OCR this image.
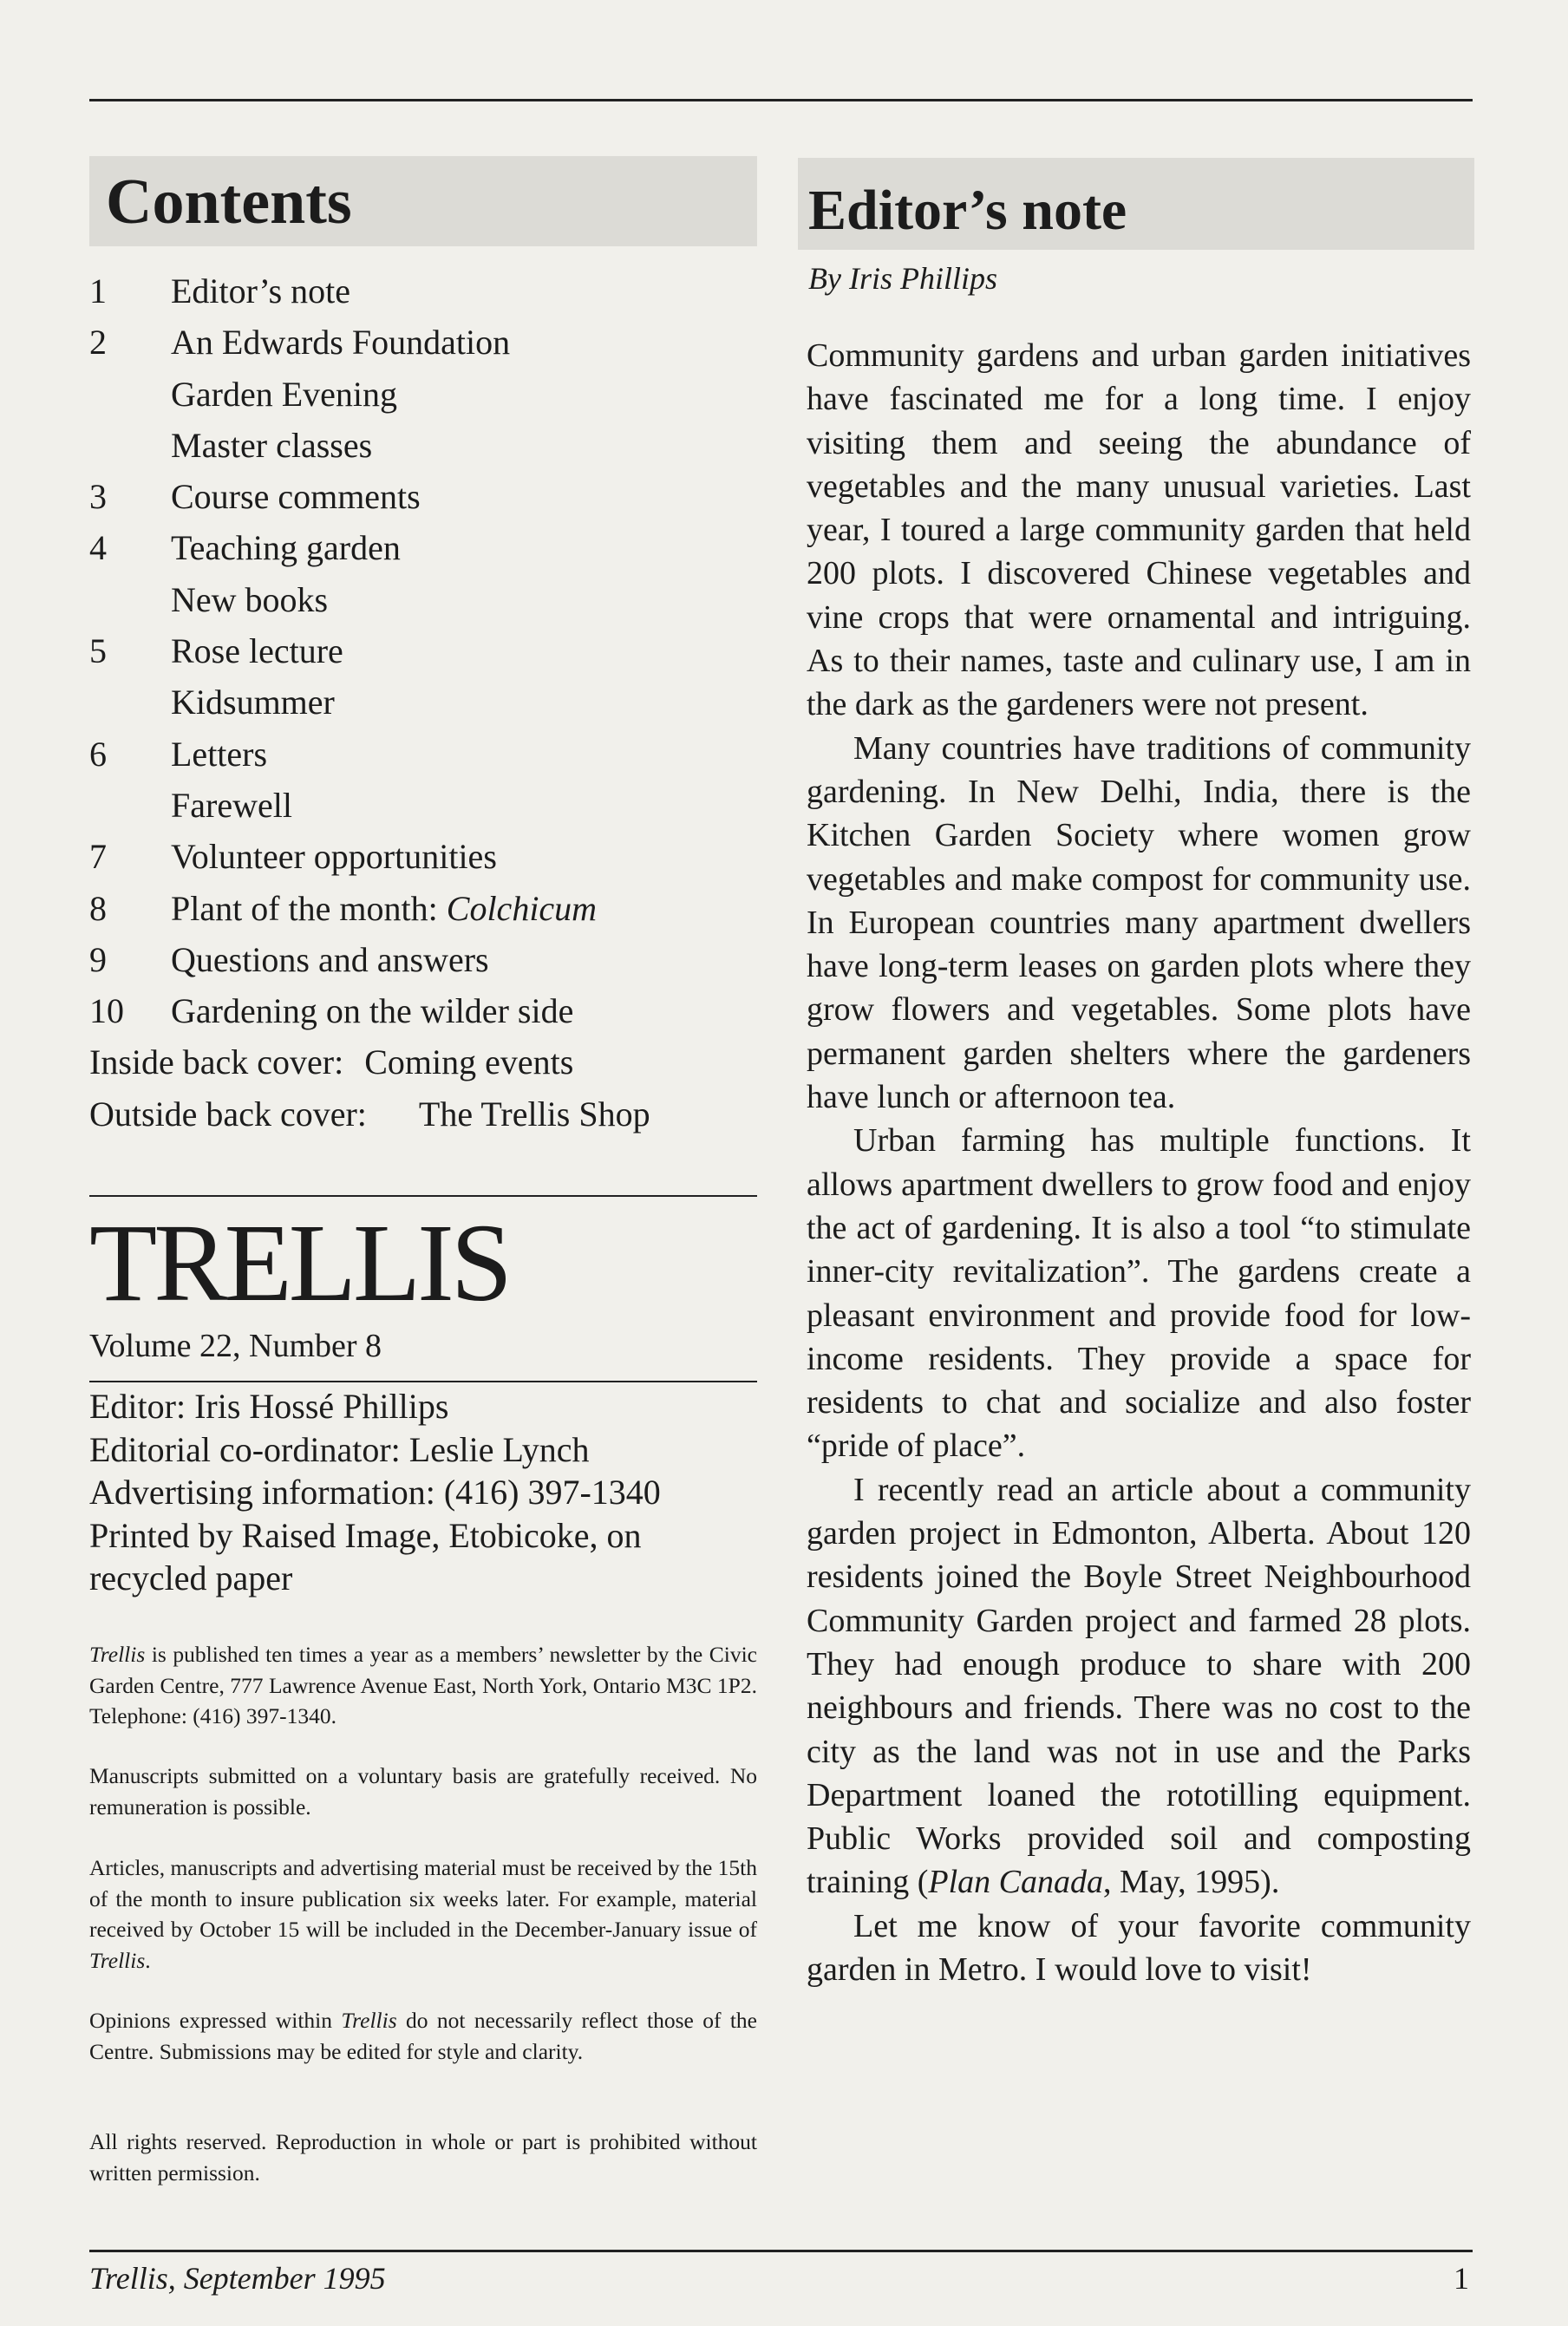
Contents
1	Editor’s note
2	An Edwards Foundation
Garden Evening
Master classes
3	Course comments
4	Teaching garden
New books
5	Rose lecture
Kidsummer
6	Letters
Farewell
7	Volunteer opportunities
8	Plant of the month: Colchicum
9	Questions and answers
10	Gardening on the wilder side
Inside back cover: Coming events
Outside back cover: The Trellis Shop
TRELLIS
Volume 22, Number 8
Editor: Iris Hossé Phillips
Editorial co-ordinator: Leslie Lynch
Advertising information: (416) 397-1340
Printed by Raised Image, Etobicoke, on recycled paper
Trellis is published ten times a year as a members’ newsletter by the Civic Garden Centre, 777 Lawrence Avenue East, North York, Ontario M3C 1P2. Telephone: (416) 397-1340.
Manuscripts submitted on a voluntary basis are gratefully received. No remuneration is possible.
Articles, manuscripts and advertising material must be received by the 15th of the month to insure publication six weeks later. For example, material received by October 15 will be included in the December-January issue of Trellis.
Opinions expressed within Trellis do not necessarily reflect those of the Centre. Submissions may be edited for style and clarity.
All rights reserved. Reproduction in whole or part is prohibited without written permission.
Editor’s note
By Iris Phillips

Community gardens and urban garden initiatives have fascinated me for a long time. I enjoy visiting them and seeing the abundance of vegetables and the many unusual varieties. Last year, I toured a large community garden that held 200 plots. I discovered Chinese vegetables and vine crops that were ornamental and intriguing. As to their names, taste and culinary use, I am in the dark as the gardeners were not present.

Many countries have traditions of community gardening. In New Delhi, India, there is the Kitchen Garden Society where women grow vegetables and make compost for community use. In European countries many apartment dwellers have long-term leases on garden plots where they grow flowers and vegetables. Some plots have permanent garden shelters where the gardeners have lunch or afternoon tea.

Urban farming has multiple functions. It allows apartment dwellers to grow food and enjoy the act of gardening. It is also a tool “to stimulate inner-city revitalization”. The gardens create a pleasant environment and provide food for low-income residents. They provide a space for residents to chat and socialize and also foster “pride of place”.

I recently read an article about a community garden project in Edmonton, Alberta. About 120 residents joined the Boyle Street Neighbourhood Community Garden project and farmed 28 plots. They had enough produce to share with 200 neighbours and friends. There was no cost to the city as the land was not in use and the Parks Department loaned the rototilling equipment. Public Works provided soil and composting training (Plan Canada, May, 1995).

Let me know of your favorite community garden in Metro. I would love to visit!

Trellis, September 1995	1
